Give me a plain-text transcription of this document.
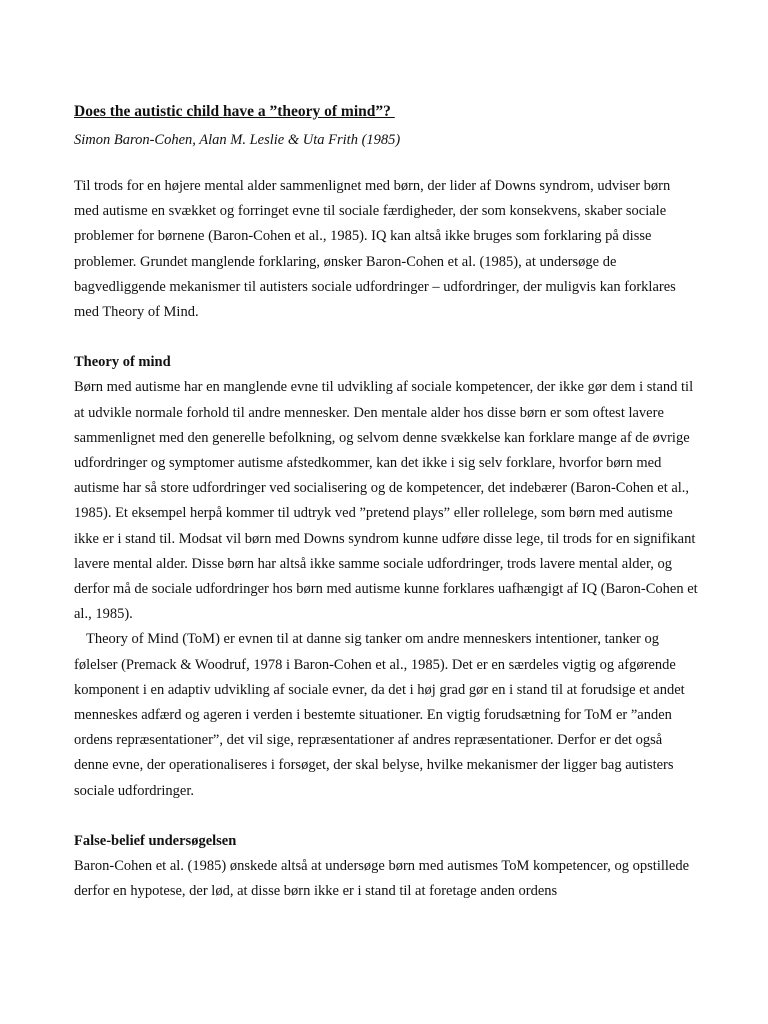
Does the autistic child have a ”theory of mind”?

Simon Baron-Cohen, Alan M. Leslie & Uta Frith (1985)

Til trods for en højere mental alder sammenlignet med børn, der lider af Downs syndrom, udviser børn med autisme en svækket og forringet evne til sociale færdigheder, der som konsekvens, skaber sociale problemer for børnene (Baron-Cohen et al., 1985). IQ kan altså ikke bruges som forklaring på disse problemer. Grundet manglende forklaring, ønsker Baron-Cohen et al. (1985), at undersøge de bagvedliggende mekanismer til autisters sociale udfordringer – udfordringer, der muligvis kan forklares med Theory of Mind.

Theory of mind

Børn med autisme har en manglende evne til udvikling af sociale kompetencer, der ikke gør dem i stand til at udvikle normale forhold til andre mennesker. Den mentale alder hos disse børn er som oftest lavere sammenlignet med den generelle befolkning, og selvom denne svækkelse kan forklare mange af de øvrige udfordringer og symptomer autisme afstedkommer, kan det ikke i sig selv forklare, hvorfor børn med autisme har så store udfordringer ved socialisering og de kompetencer, det indebærer (Baron-Cohen et al., 1985). Et eksempel herpå kommer til udtryk ved ”pretend plays” eller rollelege, som børn med autisme ikke er i stand til. Modsat vil børn med Downs syndrom kunne udføre disse lege, til trods for en signifikant lavere mental alder. Disse børn har altså ikke samme sociale udfordringer, trods lavere mental alder, og derfor må de sociale udfordringer hos børn med autisme kunne forklares uafhængigt af IQ (Baron-Cohen et al., 1985).

Theory of Mind (ToM) er evnen til at danne sig tanker om andre menneskers intentioner, tanker og følelser (Premack & Woodruf, 1978 i Baron-Cohen et al., 1985). Det er en særdeles vigtig og afgørende komponent i en adaptiv udvikling af sociale evner, da det i høj grad gør en i stand til at forudsige et andet menneskes adfærd og ageren i verden i bestemte situationer. En vigtig forudsætning for ToM er ”anden ordens repræsentationer”, det vil sige, repræsentationer af andres repræsentationer. Derfor er det også denne evne, der operationaliseres i forsøget, der skal belyse, hvilke mekanismer der ligger bag autisters sociale udfordringer.

False-belief undersøgelsen

Baron-Cohen et al. (1985) ønskede altså at undersøge børn med autismes ToM kompetencer, og opstillede derfor en hypotese, der lød, at disse børn ikke er i stand til at foretage anden ordens
